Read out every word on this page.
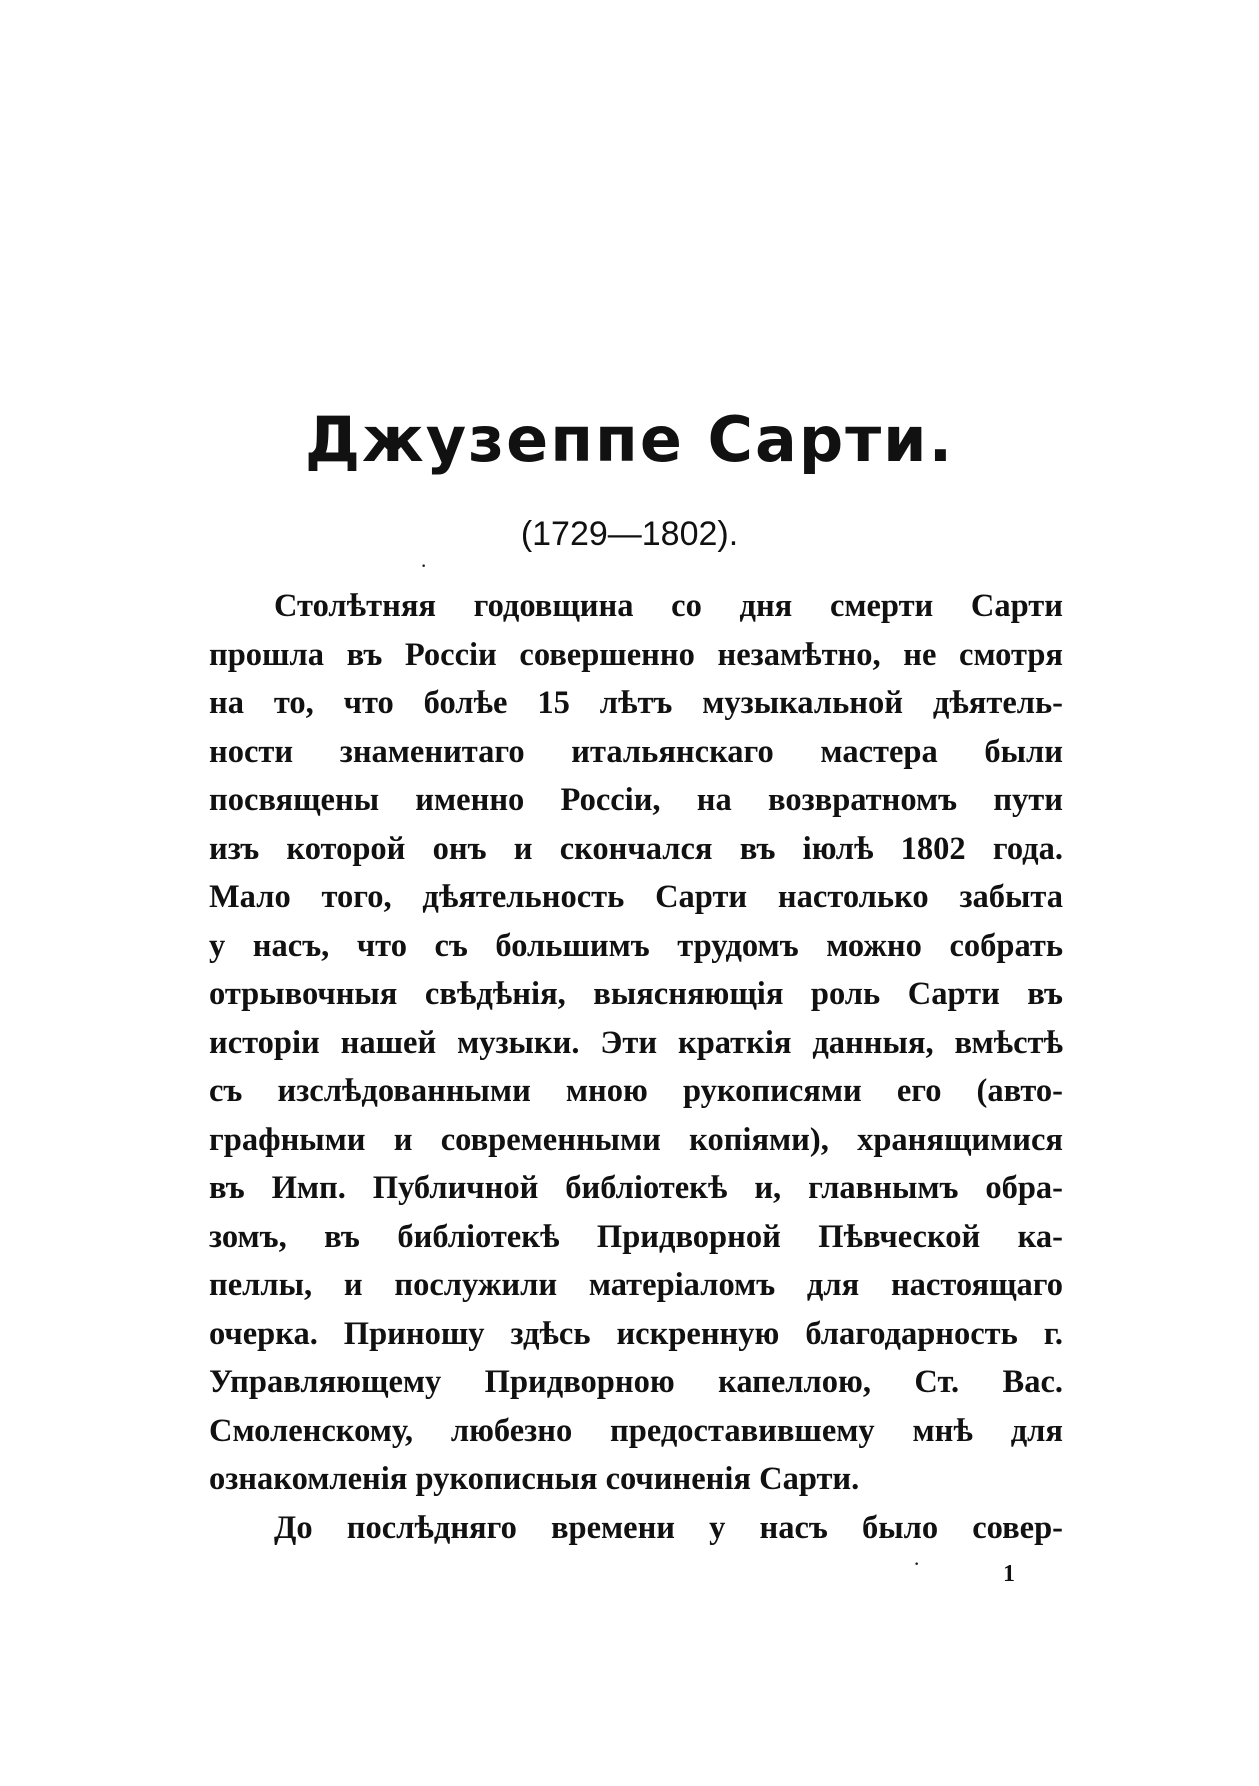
Джузеппе Сарти.
(1729—1802).
·
Столѣтняя годовщина со дня смерти Сарти
прошла въ Россіи совершенно незамѣтно, не смотря
на то, что болѣе 15 лѣтъ музыкальной дѣятель-
ности знаменитаго итальянскаго мастера были
посвящены именно Россіи, на возвратномъ пути
изъ которой онъ и скончался въ іюлѣ 1802 года.
Мало того, дѣятельность Сарти настолько забыта
у насъ, что съ большимъ трудомъ можно собрать
отрывочныя свѣдѣнія, выясняющія роль Сарти въ
исторіи нашей музыки. Эти краткія данныя, вмѣстѣ
съ изслѣдованными мною рукописями его (авто-
графными и современными копіями), хранящимися
въ Имп. Публичной библіотекѣ и, главнымъ обра-
зомъ, въ библіотекѣ Придворной Пѣвческой ка-
пеллы, и послужили матеріаломъ для настоящаго
очерка. Приношу здѣсь искренную благодарность г.
Управляющему Придворною капеллою, Ст. Вас.
Смоленскому, любезно предоставившему мнѣ для
ознакомленія рукописныя сочиненія Сарти.
До послѣдняго времени у насъ было совер-
·	1
